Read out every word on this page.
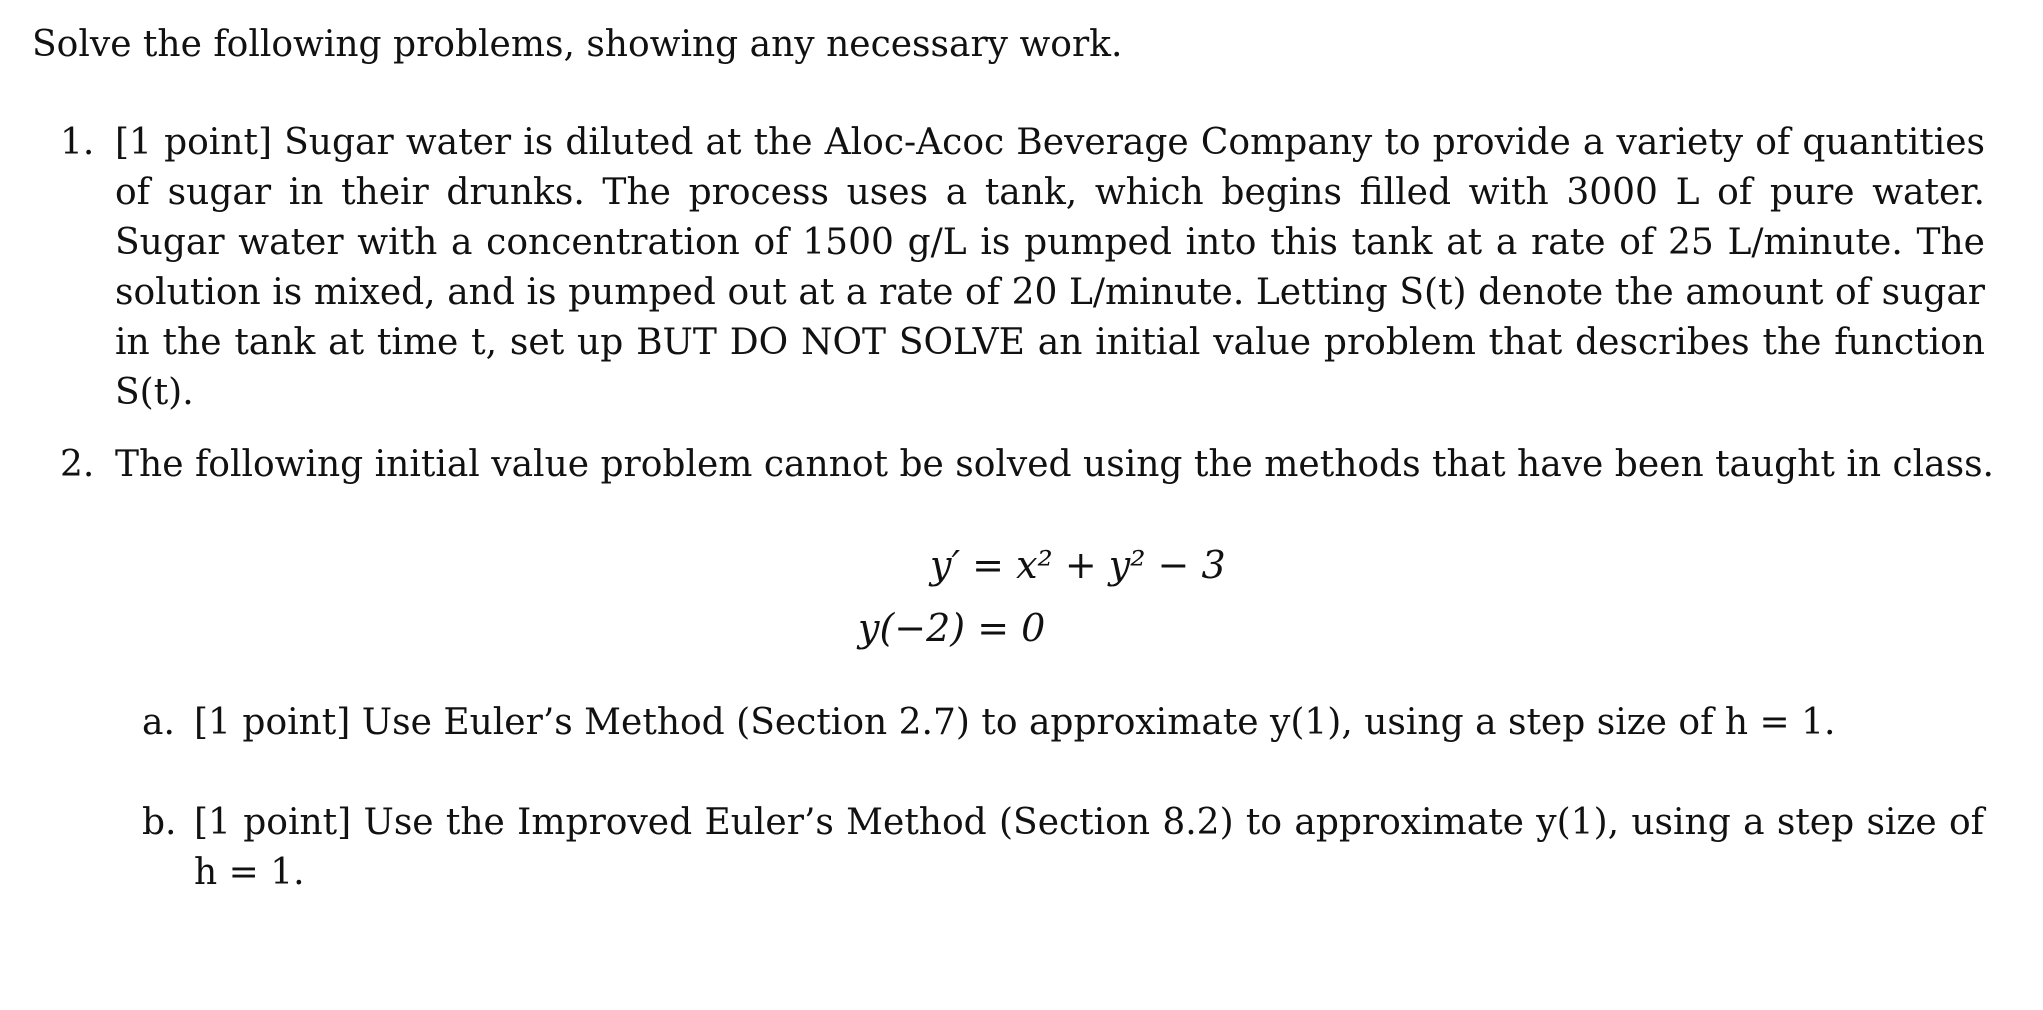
Solve the following problems, showing any necessary work.
1. [1 point] Sugar water is diluted at the Aloc-Acoc Beverage Company to provide a variety of quantities of sugar in their drunks. The process uses a tank, which begins filled with 3000 L of pure water. Sugar water with a concentration of 1500 g/L is pumped into this tank at a rate of 25 L/minute. The solution is mixed, and is pumped out at a rate of 20 L/minute. Letting S(t) denote the amount of sugar in the tank at time t, set up BUT DO NOT SOLVE an initial value problem that describes the function S(t).
2. The following initial value problem cannot be solved using the methods that have been taught in class.
y′ = x² + y² − 3
y(−2) = 0
a. [1 point] Use Euler’s Method (Section 2.7) to approximate y(1), using a step size of h = 1.
b. [1 point] Use the Improved Euler’s Method (Section 8.2) to approximate y(1), using a step size of h = 1.
